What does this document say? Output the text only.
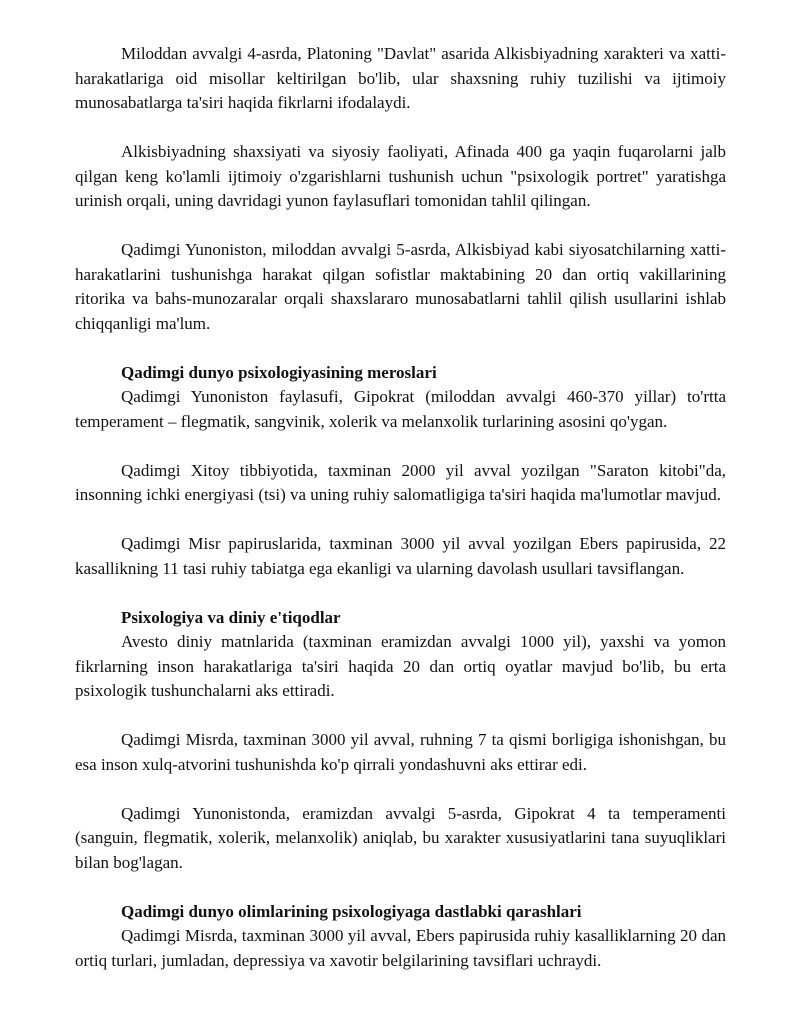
Miloddan avvalgi 4-asrda, Platoning "Davlat" asarida Alkisbiyadning xarakteri va xatti-harakatlariga oid misollar keltirilgan bo'lib, ular shaxsning ruhiy tuzilishi va ijtimoiy munosabatlarga ta'siri haqida fikrlarni ifodalaydi.

Alkisbiyadning shaxsiyati va siyosiy faoliyati, Afinada 400 ga yaqin fuqarolarni jalb qilgan keng ko'lamli ijtimoiy o'zgarishlarni tushunish uchun "psixologik portret" yaratishga urinish orqali, uning davridagi yunon faylasuflari tomonidan tahlil qilingan.

Qadimgi Yunoniston, miloddan avvalgi 5-asrda, Alkisbiyad kabi siyosatchilarning xatti-harakatlarini tushunishga harakat qilgan sofistlar maktabining 20 dan ortiq vakillarining ritorika va bahs-munozaralar orqali shaxslararo munosabatlarni tahlil qilish usullarini ishlab chiqqanligi ma'lum.

Qadimgi dunyo psixologiyasining meroslari

Qadimgi Yunoniston faylasufi, Gipokrat (miloddan avvalgi 460-370 yillar) to'rtta temperament – flegmatik, sangvinik, xolerik va melanxolik turlarining asosini qo'ygan.

Qadimgi Xitoy tibbiyotida, taxminan 2000 yil avval yozilgan "Saraton kitobi"da, insonning ichki energiyasi (tsi) va uning ruhiy salomatligiga ta'siri haqida ma'lumotlar mavjud.

Qadimgi Misr papiruslarida, taxminan 3000 yil avval yozilgan Ebers papirusida, 22 kasallikning 11 tasi ruhiy tabiatga ega ekanligi va ularning davolash usullari tavsiflangan.

Psixologiya va diniy e'tiqodlar

Avesto diniy matnlarida (taxminan eramizdan avvalgi 1000 yil), yaxshi va yomon fikrlarning inson harakatlariga ta'siri haqida 20 dan ortiq oyatlar mavjud bo'lib, bu erta psixologik tushunchalarni aks ettiradi.

Qadimgi Misrda, taxminan 3000 yil avval, ruhning 7 ta qismi borligiga ishonishgan, bu esa inson xulq-atvorini tushunishda ko'p qirrali yondashuvni aks ettirar edi.

Qadimgi Yunonistonda, eramizdan avvalgi 5-asrda, Gipokrat 4 ta temperamenti (sanguin, flegmatik, xolerik, melanxolik) aniqlab, bu xarakter xususiyatlarini tana suyuqliklari bilan bog'lagan.

Qadimgi dunyo olimlarining psixologiyaga dastlabki qarashlari

Qadimgi Misrda, taxminan 3000 yil avval, Ebers papirusida ruhiy kasalliklarning 20 dan ortiq turlari, jumladan, depressiya va xavotir belgilarining tavsiflari uchraydi.
